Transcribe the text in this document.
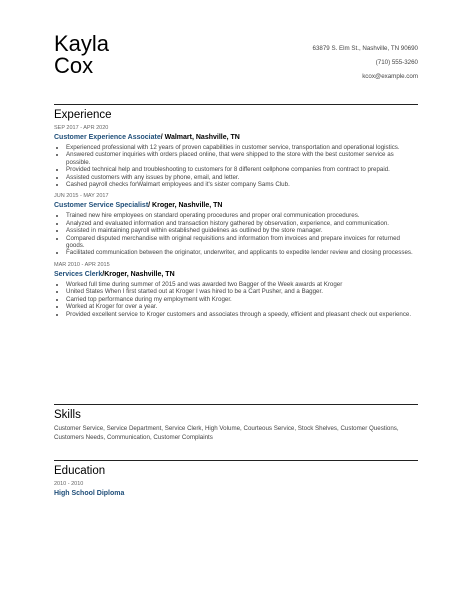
Kayla
Cox
63879 S. Elm St., Nashville, TN 90690
(710) 555-3260
kcox@example.com
Experience
SEP 2017 - APR 2020
Customer Experience Associate/ Walmart, Nashville, TN
• Experienced professional with 12 years of proven capabilities in customer service, transportation and operational logistics.
• Answered customer inquiries with orders placed online, that were shipped to the store with the best customer service as possible.
• Provided technical help and troubleshooting to customers for 8 different cellphone companies from contract to prepaid.
• Assisted customers with any issues by phone, email, and letter.
• Cashed payroll checks forWalmart employees and it's sister company Sams Club.
JUN 2015 - MAY 2017
Customer Service Specialist/ Kroger, Nashville, TN
• Trained new hire employees on standard operating procedures and proper oral communication procedures.
• Analyzed and evaluated information and transaction history gathered by observation, experience, and communication.
• Assisted in maintaining payroll within established guidelines as outlined by the store manager.
• Compared disputed merchandise with original requisitions and information from invoices and prepare invoices for returned goods.
• Facilitated communication between the originator, underwriter, and applicants to expedite lender review and closing processes.
MAR 2010 - APR 2015
Services Clerk/Kroger, Nashville, TN
• Worked full time during summer of 2015 and was awarded two Bagger of the Week awards at Kroger
• United States When I first started out at Kroger I was hired to be a Cart Pusher, and a Bagger.
• Carried top performance during my employment with Kroger.
• Worked at Kroger for over a year.
• Provided excellent service to Kroger customers and associates through a speedy, efficient and pleasant check out experience.
Skills
Customer Service, Service Department, Service Clerk, High Volume, Courteous Service, Stock Shelves, Customer Questions, Customers Needs, Communication, Customer Complaints
Education
2010 - 2010
High School Diploma
